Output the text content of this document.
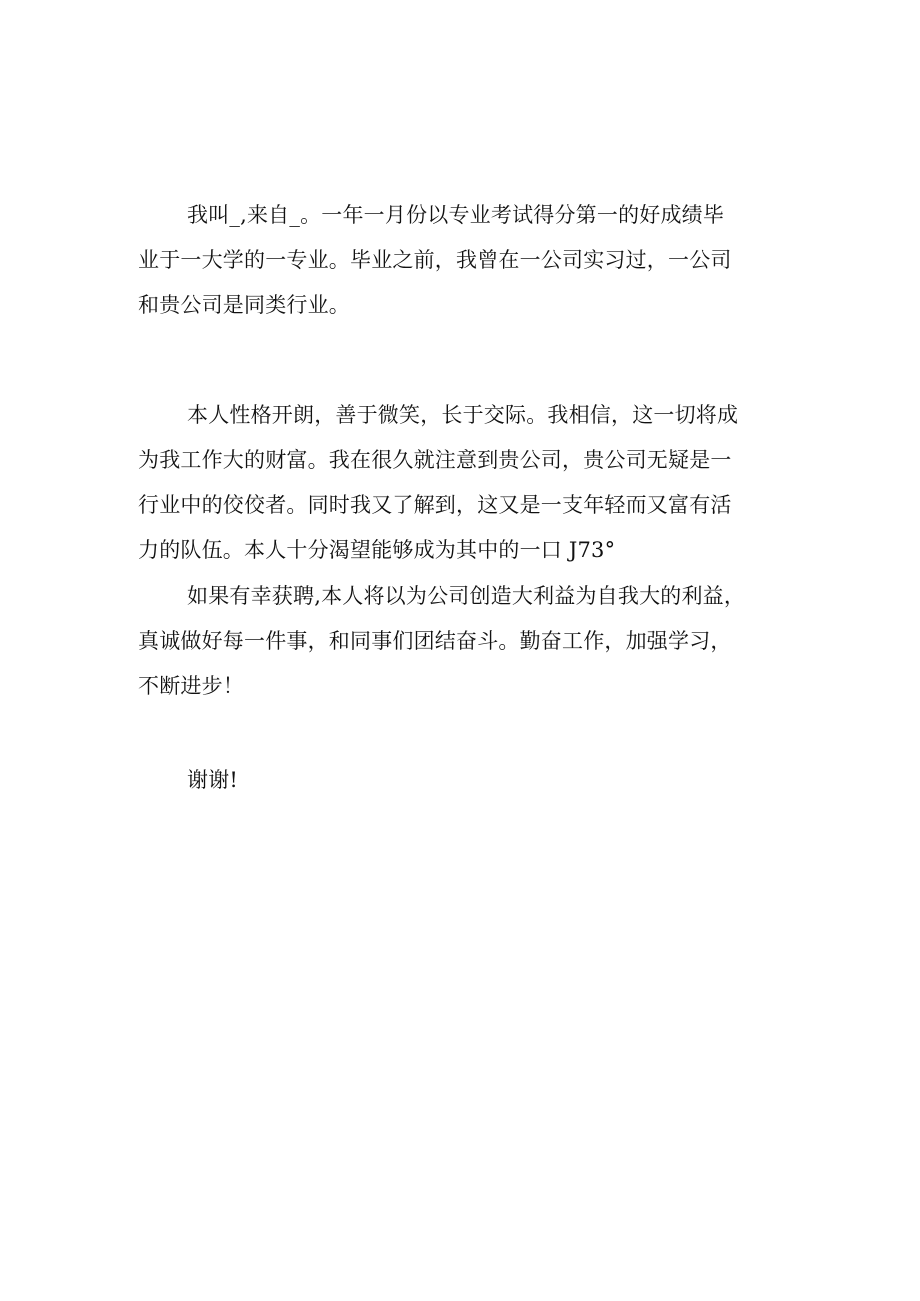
我叫_,来自_。一年一月份以专业考试得分第一的好成绩毕
业于一大学的一专业。毕业之前，我曾在一公司实习过，一公司
和贵公司是同类行业。
本人性格开朗，善于微笑，长于交际。我相信，这一切将成
为我工作大的财富。我在很久就注意到贵公司，贵公司无疑是一
行业中的佼佼者。同时我又了解到，这又是一支年轻而又富有活
力的队伍。本人十分渴望能够成为其中的一口 J73°
如果有幸获聘,本人将以为公司创造大利益为自我大的利益，
真诚做好每一件事，和同事们团结奋斗。勤奋工作，加强学习，
不断进步！
谢谢!
